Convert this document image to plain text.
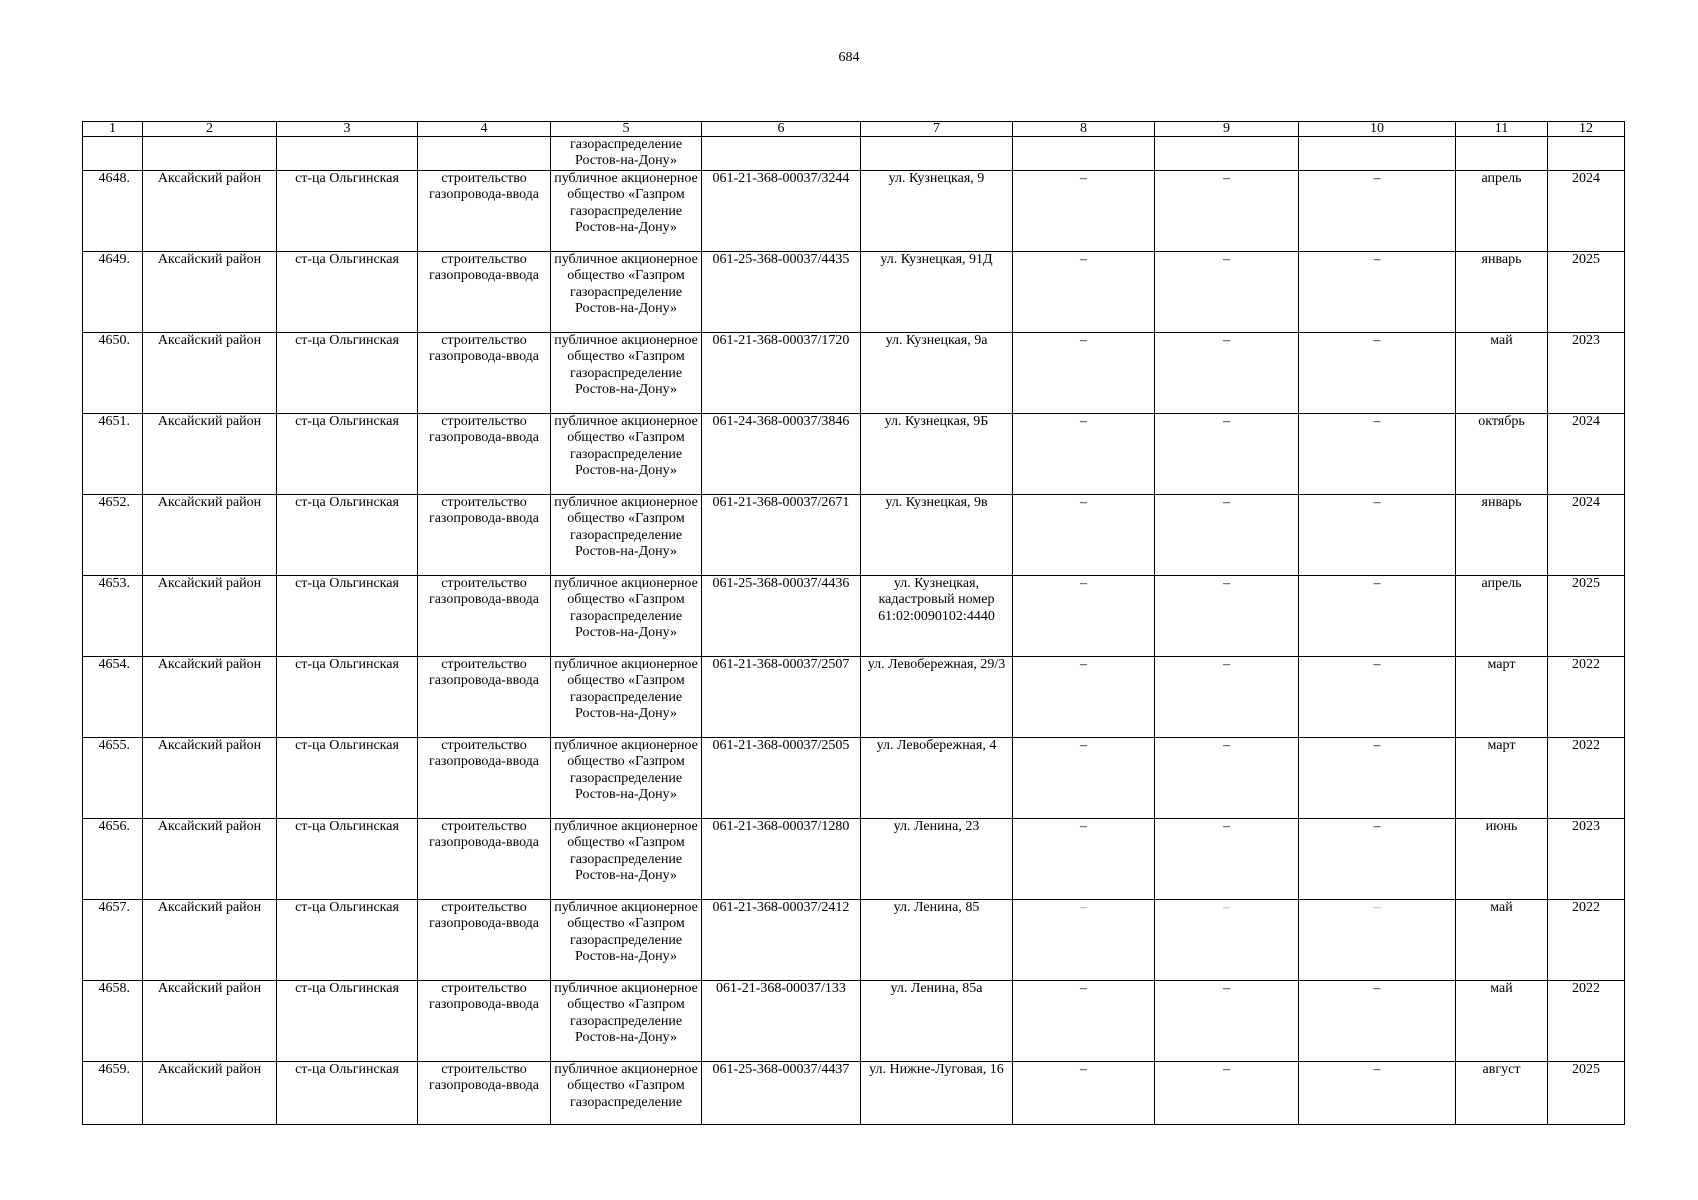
684
1	2	3	4	5	6	7	8	9	10	11	12
				газораспределение Ростов-на-Дону»							
4648.	Аксайский район	ст-ца Ольгинская	строительство газопровода-ввода	публичное акционерное общество «Газпром газораспределение Ростов-на-Дону»	061-21-368-00037/3244	ул. Кузнецкая, 9	–	–	–	апрель	2024
4649.	Аксайский район	ст-ца Ольгинская	строительство газопровода-ввода	публичное акционерное общество «Газпром газораспределение Ростов-на-Дону»	061-25-368-00037/4435	ул. Кузнецкая, 91Д	–	–	–	январь	2025
4650.	Аксайский район	ст-ца Ольгинская	строительство газопровода-ввода	публичное акционерное общество «Газпром газораспределение Ростов-на-Дону»	061-21-368-00037/1720	ул. Кузнецкая, 9а	–	–	–	май	2023
4651.	Аксайский район	ст-ца Ольгинская	строительство газопровода-ввода	публичное акционерное общество «Газпром газораспределение Ростов-на-Дону»	061-24-368-00037/3846	ул. Кузнецкая, 9Б	–	–	–	октябрь	2024
4652.	Аксайский район	ст-ца Ольгинская	строительство газопровода-ввода	публичное акционерное общество «Газпром газораспределение Ростов-на-Дону»	061-21-368-00037/2671	ул. Кузнецкая, 9в	–	–	–	январь	2024
4653.	Аксайский район	ст-ца Ольгинская	строительство газопровода-ввода	публичное акционерное общество «Газпром газораспределение Ростов-на-Дону»	061-25-368-00037/4436	ул. Кузнецкая, кадастровый номер 61:02:0090102:4440	–	–	–	апрель	2025
4654.	Аксайский район	ст-ца Ольгинская	строительство газопровода-ввода	публичное акционерное общество «Газпром газораспределение Ростов-на-Дону»	061-21-368-00037/2507	ул. Левобережная, 29/3	–	–	–	март	2022
4655.	Аксайский район	ст-ца Ольгинская	строительство газопровода-ввода	публичное акционерное общество «Газпром газораспределение Ростов-на-Дону»	061-21-368-00037/2505	ул. Левобережная, 4	–	–	–	март	2022
4656.	Аксайский район	ст-ца Ольгинская	строительство газопровода-ввода	публичное акционерное общество «Газпром газораспределение Ростов-на-Дону»	061-21-368-00037/1280	ул. Ленина, 23	–	–	–	июнь	2023
4657.	Аксайский район	ст-ца Ольгинская	строительство газопровода-ввода	публичное акционерное общество «Газпром газораспределение Ростов-на-Дону»	061-21-368-00037/2412	ул. Ленина, 85	–	–	–	май	2022
4658.	Аксайский район	ст-ца Ольгинская	строительство газопровода-ввода	публичное акционерное общество «Газпром газораспределение Ростов-на-Дону»	061-21-368-00037/133	ул. Ленина, 85а	–	–	–	май	2022
4659.	Аксайский район	ст-ца Ольгинская	строительство газопровода-ввода	публичное акционерное общество «Газпром газораспределение	061-25-368-00037/4437	ул. Нижне-Луговая, 16	–	–	–	август	2025
